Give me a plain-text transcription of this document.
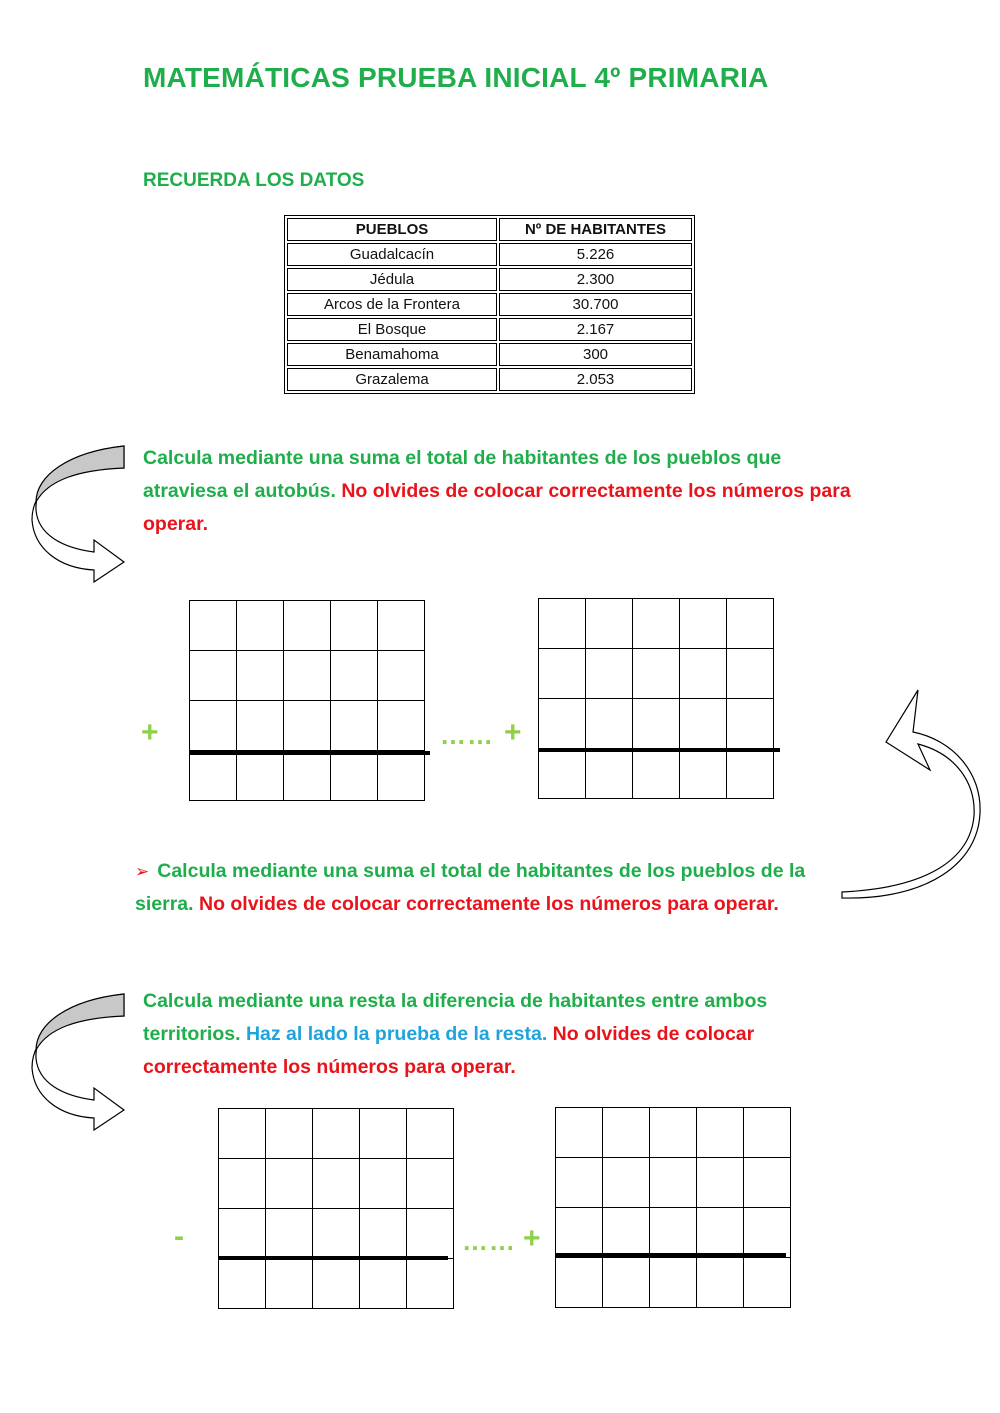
MATEMÁTICAS PRUEBA INICIAL 4º PRIMARIA
RECUERDA LOS DATOS
PUEBLOS	Nº DE HABITANTES
Guadalcacín	5.226
Jédula	2.300
Arcos de la Frontera	30.700
El Bosque	2.167
Benamahoma	300
Grazalema	2.053
Calcula mediante una suma el total de habitantes de los pueblos que atraviesa el autobús. No olvides de colocar correctamente los números para operar.
+

					…… +

➢ Calcula mediante una suma el total de habitantes de los pueblos de la sierra. No olvides de colocar correctamente los números para operar.
Calcula mediante una resta la diferencia de habitantes entre ambos territorios. Haz al lado la prueba de la resta. No olvides de colocar correctamente los números para operar.
-

					…… +
